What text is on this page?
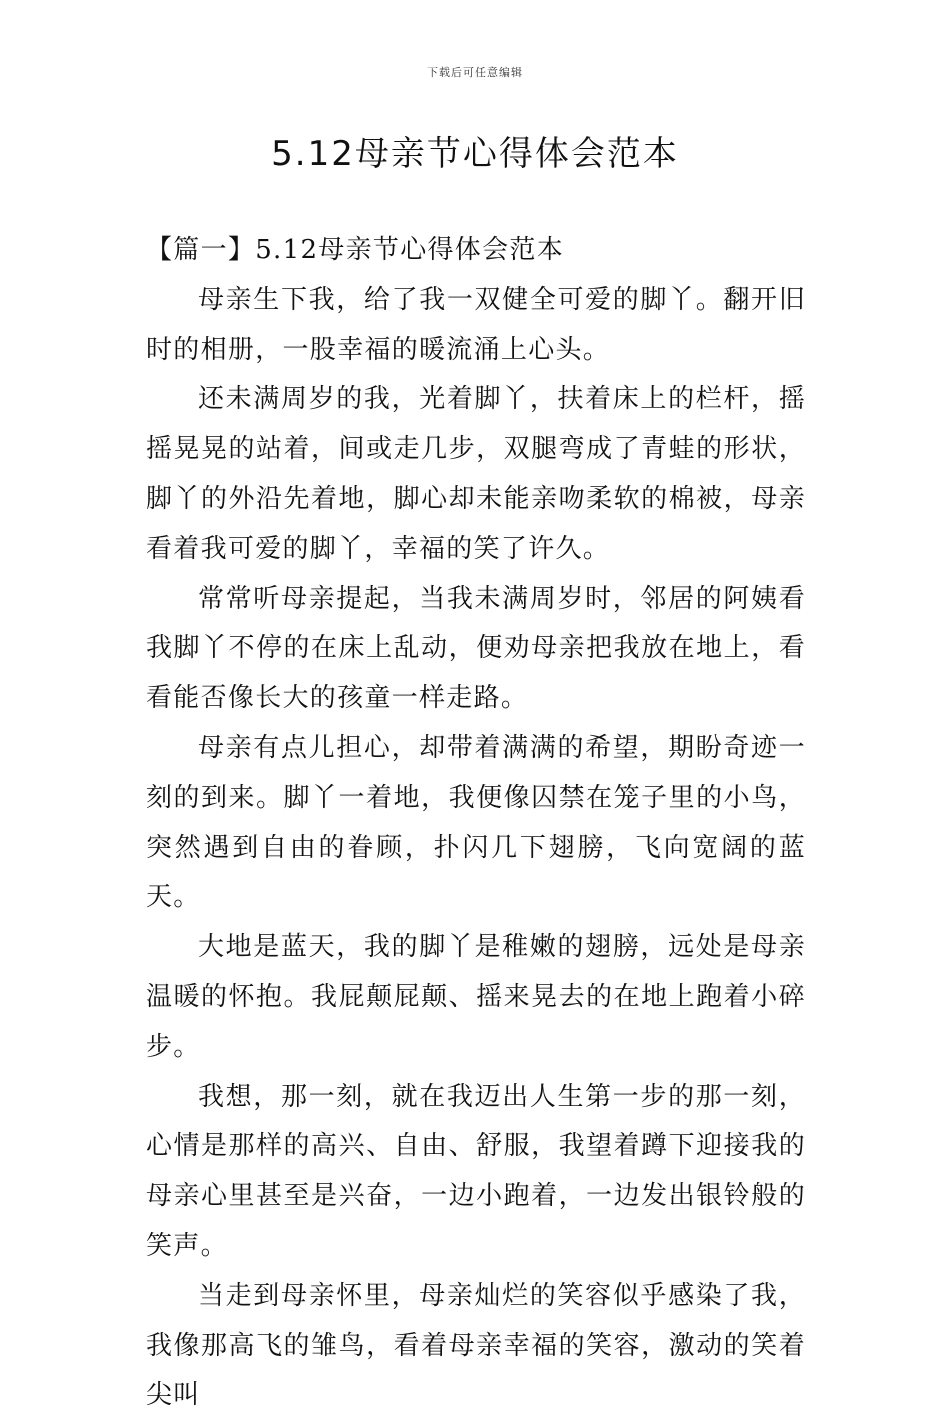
下载后可任意编辑
5.12母亲节心得体会范本

【篇一】5.12母亲节心得体会范本

母亲生下我，给了我一双健全可爱的脚丫。翻开旧时的相册，一股幸福的暖流涌上心头。

还未满周岁的我，光着脚丫，扶着床上的栏杆，摇摇晃晃的站着，间或走几步，双腿弯成了青蛙的形状，脚丫的外沿先着地，脚心却未能亲吻柔软的棉被，母亲看着我可爱的脚丫，幸福的笑了许久。

常常听母亲提起，当我未满周岁时，邻居的阿姨看我脚丫不停的在床上乱动，便劝母亲把我放在地上，看看能否像长大的孩童一样走路。

母亲有点儿担心，却带着满满的希望，期盼奇迹一刻的到来。脚丫一着地，我便像囚禁在笼子里的小鸟，突然遇到自由的眷顾，扑闪几下翅膀，飞向宽阔的蓝天。

大地是蓝天，我的脚丫是稚嫩的翅膀，远处是母亲温暖的怀抱。我屁颠屁颠、摇来晃去的在地上跑着小碎步。

我想，那一刻，就在我迈出人生第一步的那一刻，心情是那样的高兴、自由、舒服，我望着蹲下迎接我的母亲心里甚至是兴奋，一边小跑着，一边发出银铃般的笑声。

当走到母亲怀里，母亲灿烂的笑容似乎感染了我，我像那高飞的雏鸟，看着母亲幸福的笑容，激动的笑着尖叫
